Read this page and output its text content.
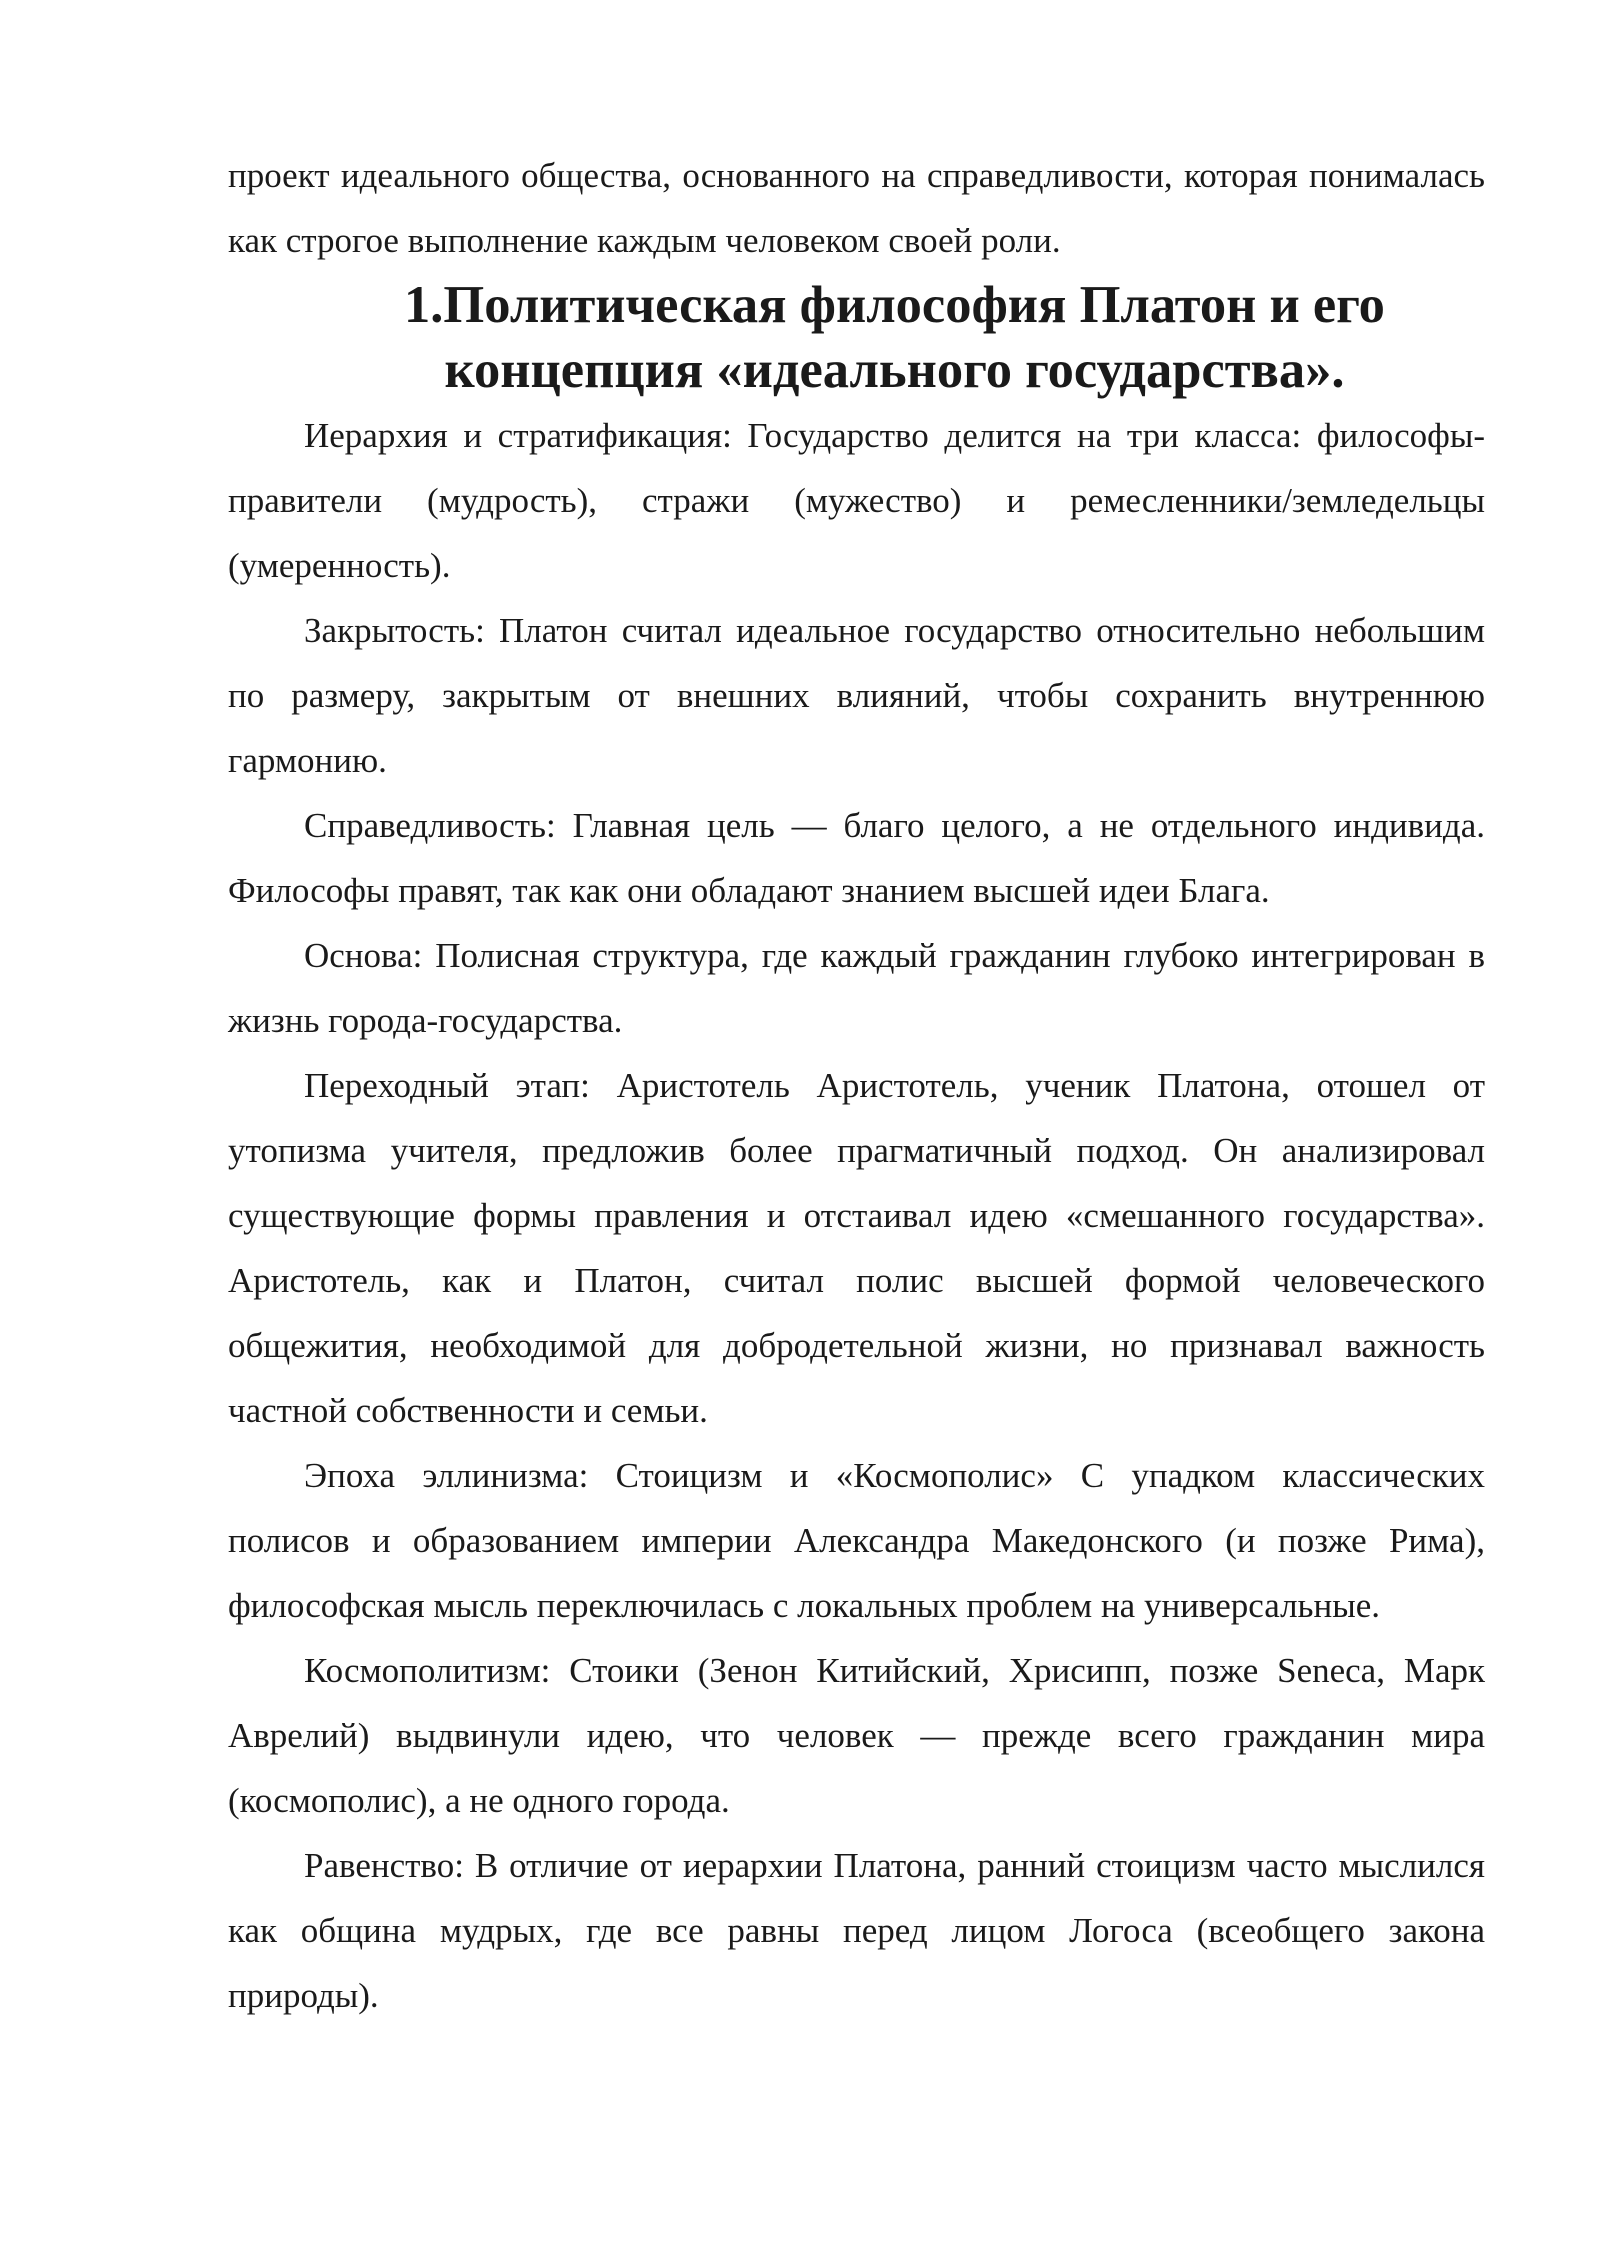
проект идеального общества, основанного на справедливости, которая понималась как строгое выполнение каждым человеком своей роли.

1.Политическая философия Платон и его концепция «идеального государства».

Иерархия и стратификация: Государство делится на три класса: философы-правители (мудрость), стражи (мужество) и ремесленники/земледельцы (умеренность).

Закрытость: Платон считал идеальное государство относительно небольшим по размеру, закрытым от внешних влияний, чтобы сохранить внутреннюю гармонию.

Справедливость: Главная цель — благо целого, а не отдельного индивида. Философы правят, так как они обладают знанием высшей идеи Блага.

Основа: Полисная структура, где каждый гражданин глубоко интегрирован в жизнь города-государства.

Переходный этап: Аристотель Аристотель, ученик Платона, отошел от утопизма учителя, предложив более прагматичный подход. Он анализировал существующие формы правления и отстаивал идею «смешанного государства». Аристотель, как и Платон, считал полис высшей формой человеческого общежития, необходимой для добродетельной жизни, но признавал важность частной собственности и семьи.

Эпоха эллинизма: Стоицизм и «Космополис» С упадком классических полисов и образованием империи Александра Македонского (и позже Рима), философская мысль переключилась с локальных проблем на универсальные.

Космополитизм: Стоики (Зенон Китийский, Хрисипп, позже Seneca, Марк Аврелий) выдвинули идею, что человек — прежде всего гражданин мира (космополис), а не одного города.

Равенство: В отличие от иерархии Платона, ранний стоицизм часто мыслился как община мудрых, где все равны перед лицом Логоса (всеобщего закона природы).
